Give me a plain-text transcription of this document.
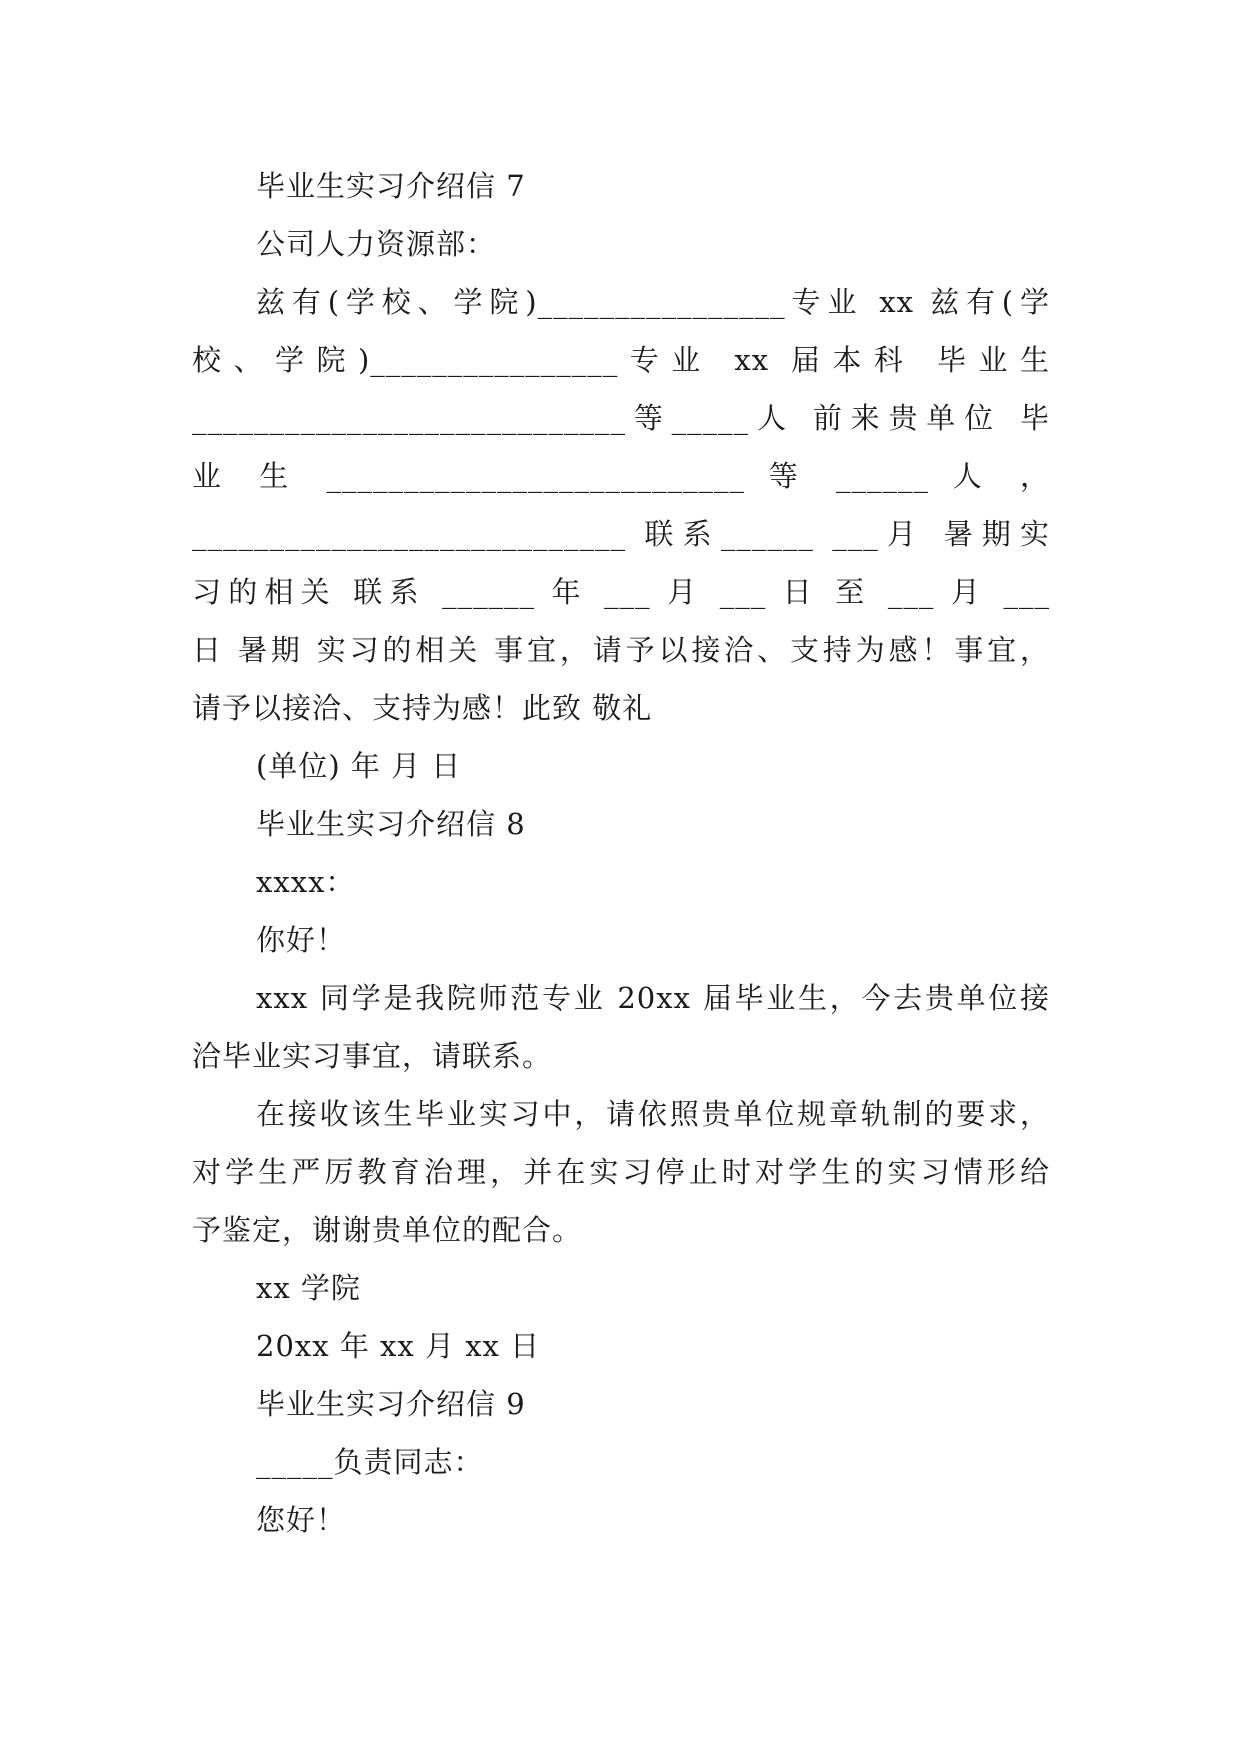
毕业生实习介绍信 7
公司人力资源部：
兹有(学校、学院)________________专业 xx 兹有(学
校、学院)________________专业 xx 届本科 毕业生
____________________________等_____人 前来贵单位 毕
业 生 ___________________________ 等 ______ 人 ，
____________________________ 联系______ ___月 暑期实
习的相关 联系 ______ 年 ___ 月 ___ 日 至 ___ 月 ___
日 暑期 实习的相关 事宜，请予以接洽、支持为感！事宜，
请予以接洽、支持为感！此致 敬礼
(单位) 年 月 日
毕业生实习介绍信 8
xxxx：
你好！
xxx 同学是我院师范专业 20xx 届毕业生，今去贵单位接
洽毕业实习事宜，请联系。
在接收该生毕业实习中，请依照贵单位规章轨制的要求，
对学生严厉教育治理，并在实习停止时对学生的实习情形给
予鉴定，谢谢贵单位的配合。
xx 学院
20xx 年 xx 月 xx 日
毕业生实习介绍信 9
_____负责同志：
您好！
